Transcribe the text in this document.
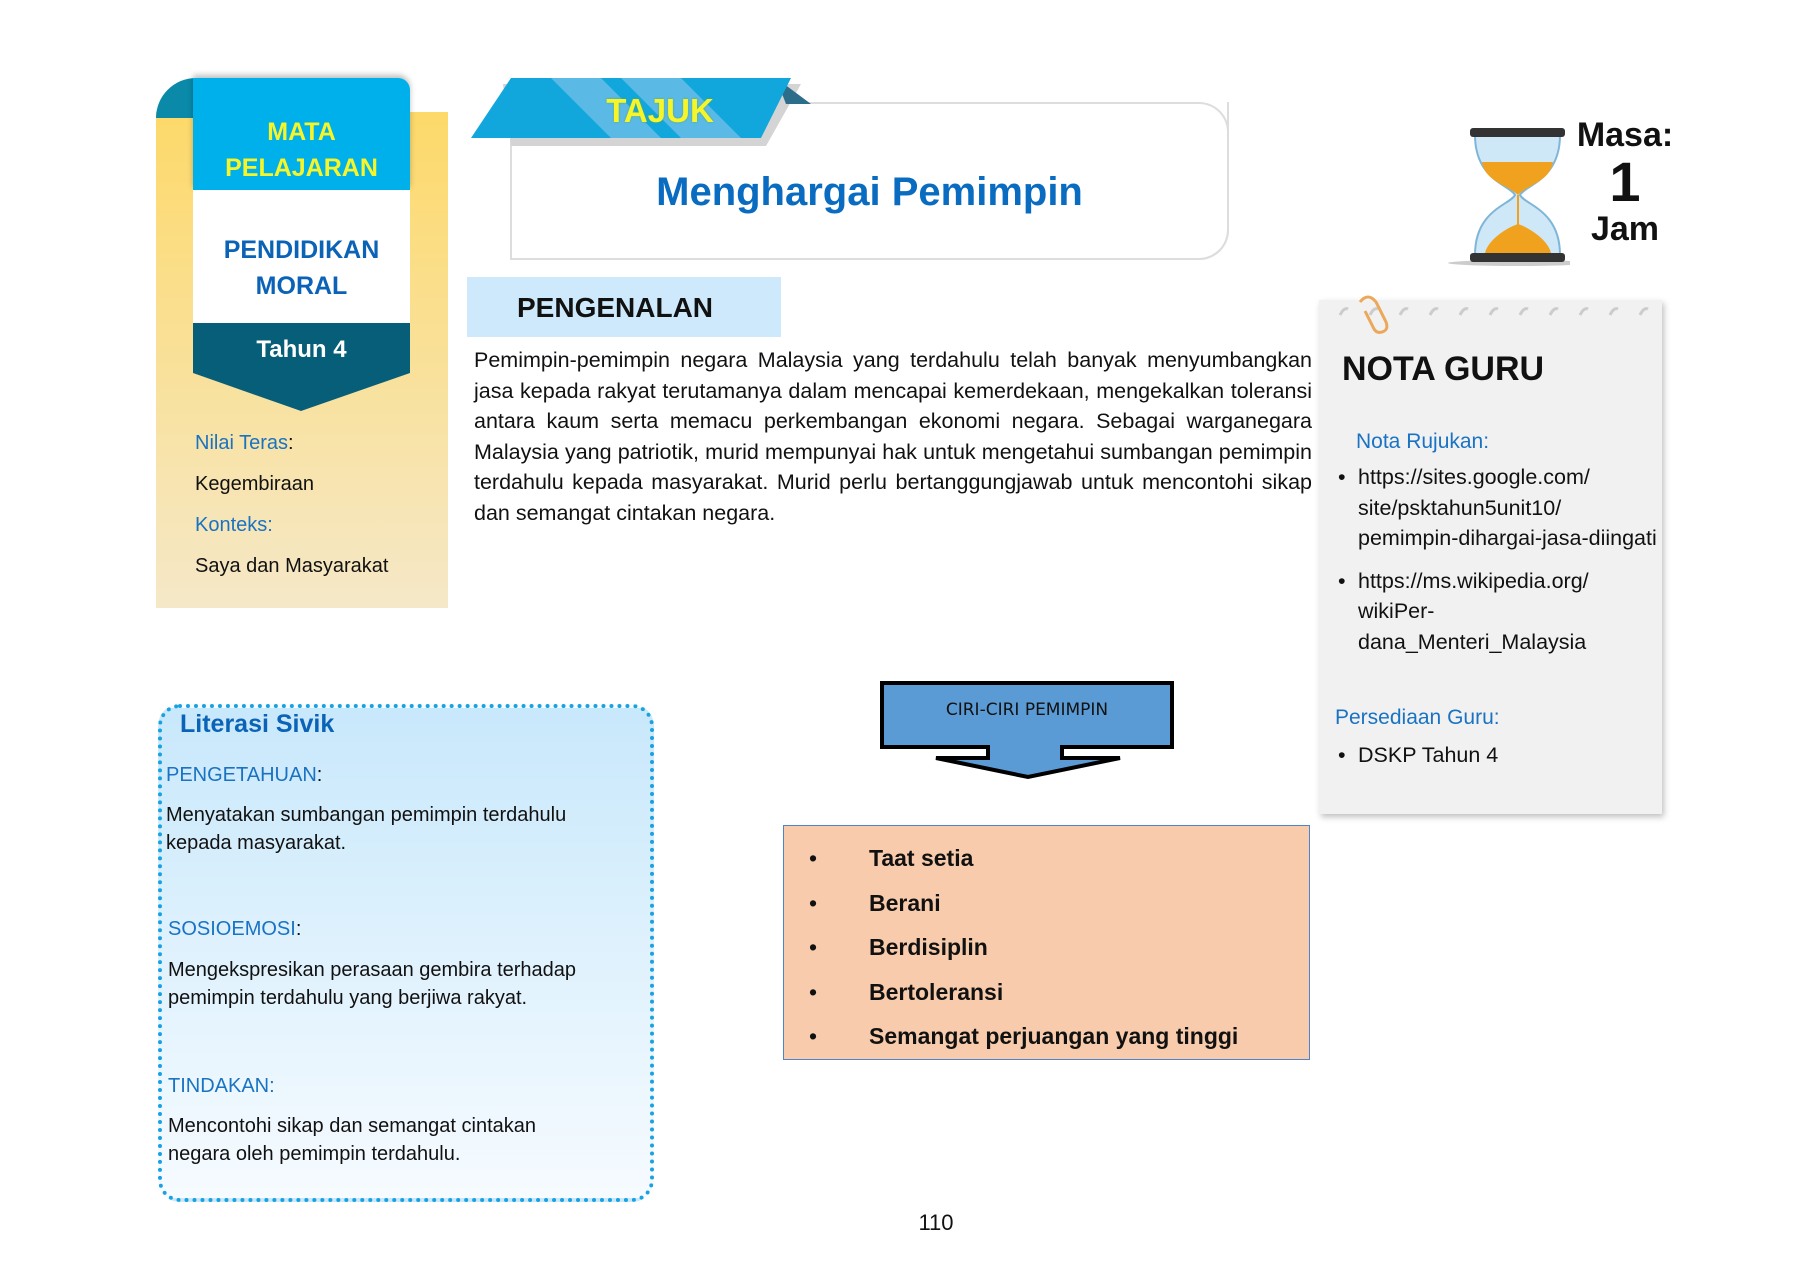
MATA PELAJARAN
PENDIDIKAN MORAL
Tahun 4
Nilai Teras:
Kegembiraan
Konteks:
Saya dan Masyarakat
TAJUK
Menghargai Pemimpin
PENGENALAN
Pemimpin-pemimpin negara Malaysia yang terdahulu telah banyak menyumbangkan jasa kepada rakyat terutamanya dalam mencapai kemerdekaan, mengekalkan toleransi antara kaum serta memacu perkembangan ekonomi negara. Sebagai warganegara Malaysia yang patriotik, murid mempunyai hak untuk mengetahui sumbangan pemimpin terdahulu kepada masyarakat. Murid perlu bertanggungjawab untuk mencontohi sikap dan semangat cintakan negara.
Masa:
1
Jam
NOTA GURU
Nota Rujukan:
• https://sites.google.com/ site/psktahun5unit10/ pemimpin-dihargai-jasa-diingati
• https://ms.wikipedia.org/ wikiPer-dana_Menteri_Malaysia
Persediaan Guru:
• DSKP Tahun 4
Literasi Sivik
PENGETAHUAN:
Menyatakan sumbangan pemimpin terdahulu kepada masyarakat.
SOSIOEMOSI:
Mengekspresikan perasaan gembira terhadap pemimpin terdahulu yang berjiwa rakyat.
TINDAKAN:
Mencontohi sikap dan semangat cintakan negara oleh pemimpin terdahulu.
CIRI-CIRI PEMIMPIN
• Taat setia
• Berani
• Berdisiplin
• Bertoleransi
• Semangat perjuangan yang tinggi
110
